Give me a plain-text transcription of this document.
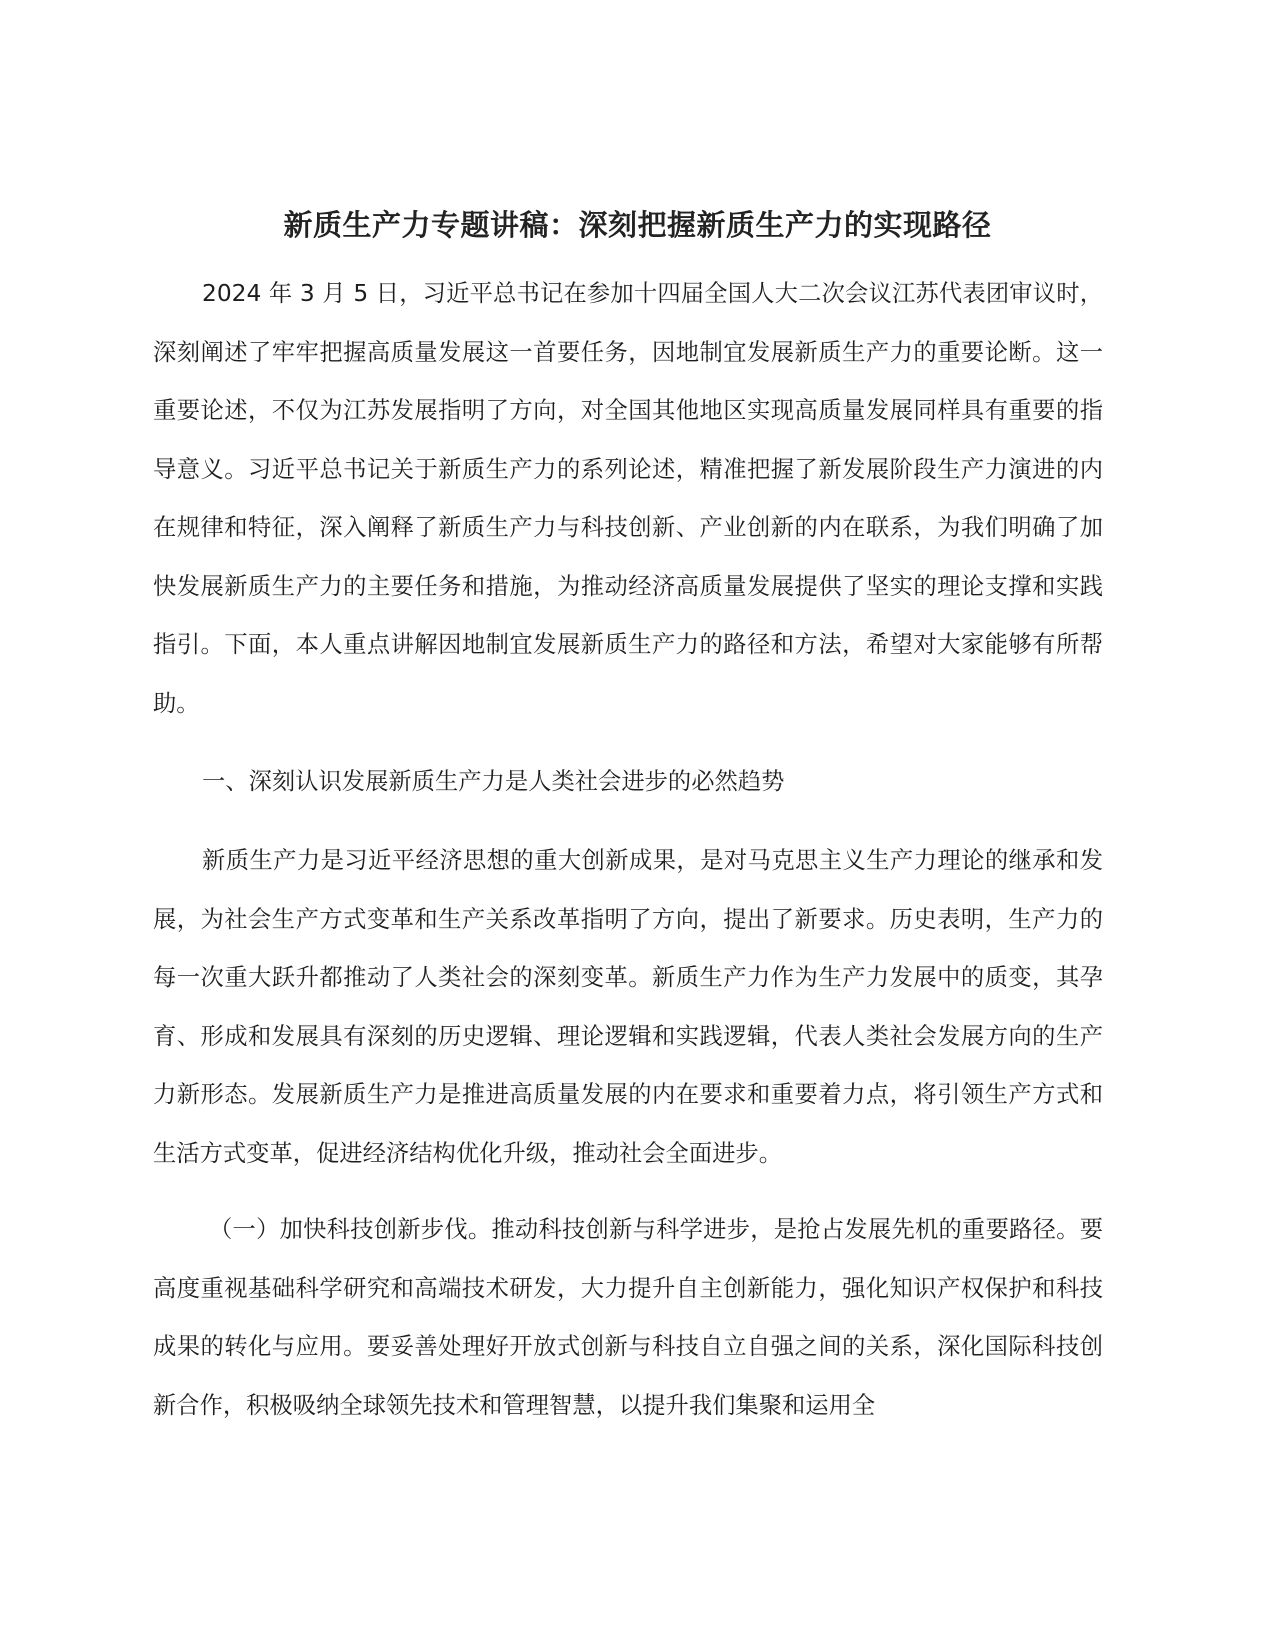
新质生产力专题讲稿：深刻把握新质生产力的实现路径

2024 年 3 月 5 日，习近平总书记在参加十四届全国人大二次会议江苏代表团审议时，深刻阐述了牢牢把握高质量发展这一首要任务，因地制宜发展新质生产力的重要论断。这一重要论述，不仅为江苏发展指明了方向，对全国其他地区实现高质量发展同样具有重要的指导意义。习近平总书记关于新质生产力的系列论述，精准把握了新发展阶段生产力演进的内在规律和特征，深入阐释了新质生产力与科技创新、产业创新的内在联系，为我们明确了加快发展新质生产力的主要任务和措施，为推动经济高质量发展提供了坚实的理论支撑和实践指引。下面，本人重点讲解因地制宜发展新质生产力的路径和方法，希望对大家能够有所帮助。

一、深刻认识发展新质生产力是人类社会进步的必然趋势

新质生产力是习近平经济思想的重大创新成果，是对马克思主义生产力理论的继承和发展，为社会生产方式变革和生产关系改革指明了方向，提出了新要求。历史表明，生产力的每一次重大跃升都推动了人类社会的深刻变革。新质生产力作为生产力发展中的质变，其孕育、形成和发展具有深刻的历史逻辑、理论逻辑和实践逻辑，代表人类社会发展方向的生产力新形态。发展新质生产力是推进高质量发展的内在要求和重要着力点，将引领生产方式和生活方式变革，促进经济结构优化升级，推动社会全面进步。

（一）加快科技创新步伐。推动科技创新与科学进步，是抢占发展先机的重要路径。要高度重视基础科学研究和高端技术研发，大力提升自主创新能力，强化知识产权保护和科技成果的转化与应用。要妥善处理好开放式创新与科技自立自强之间的关系，深化国际科技创新合作，积极吸纳全球领先技术和管理智慧，以提升我们集聚和运用全
